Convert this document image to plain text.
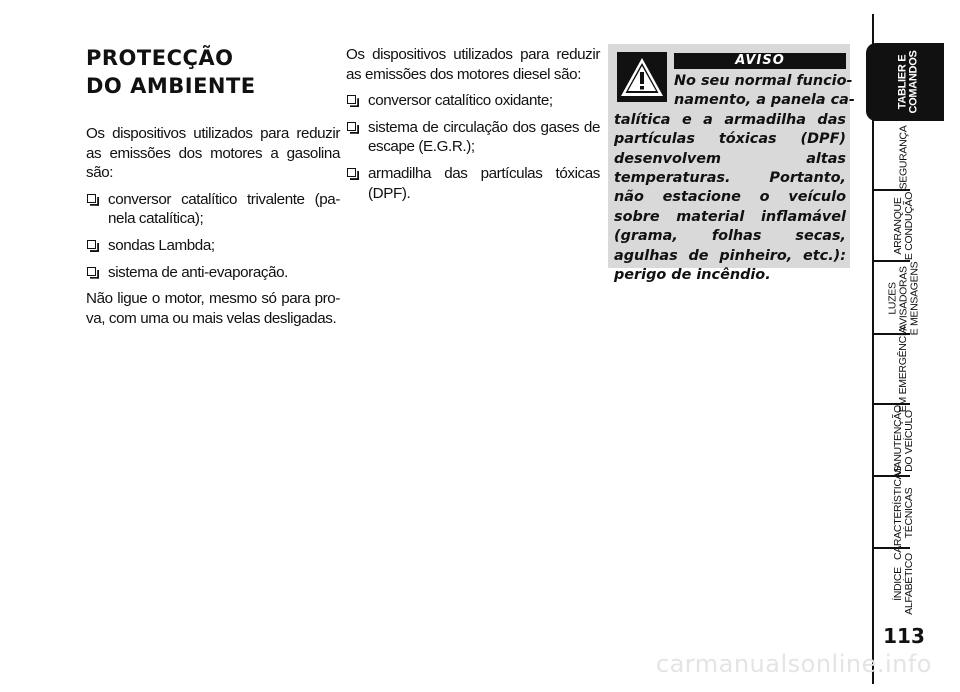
PROTECÇÃO
DO AMBIENTE

Os dispositivos utilizados para reduzir as emissões dos motores a gasolina são:

conversor catalítico trivalente (pa-nela catalítica);
sondas Lambda;
sistema de anti-evaporação.

Não ligue o motor, mesmo só para pro-va, com uma ou mais velas desligadas.

Os dispositivos utilizados para reduzir as emissões dos motores diesel são:

conversor catalítico oxidante;
sistema de circulação dos gases de escape (E.G.R.);
armadilha das partículas tóxicas (DPF).
AVISO
No seu normal funcio-
namento, a panela ca-
talítica e a armadilha das partículas tóxicas (DPF) desenvolvem altas temperaturas. Portanto, não estacione o veículo sobre material inflamável (grama, folhas secas, agulhas de pinheiro, etc.): perigo de incêndio.
TABLIER E COMANDOS
SEGURANÇA
ARRANQUE E CONDUÇÃO
LUZES AVISADORAS E MENSAGENS
EM EMERGÊNCIA
MANUTENÇÃO DO VEÍCULO
CARACTERÍSTICAS TÉCNICAS
ÍNDICE ALFABÉTICO
113
carmanualsonline.info
